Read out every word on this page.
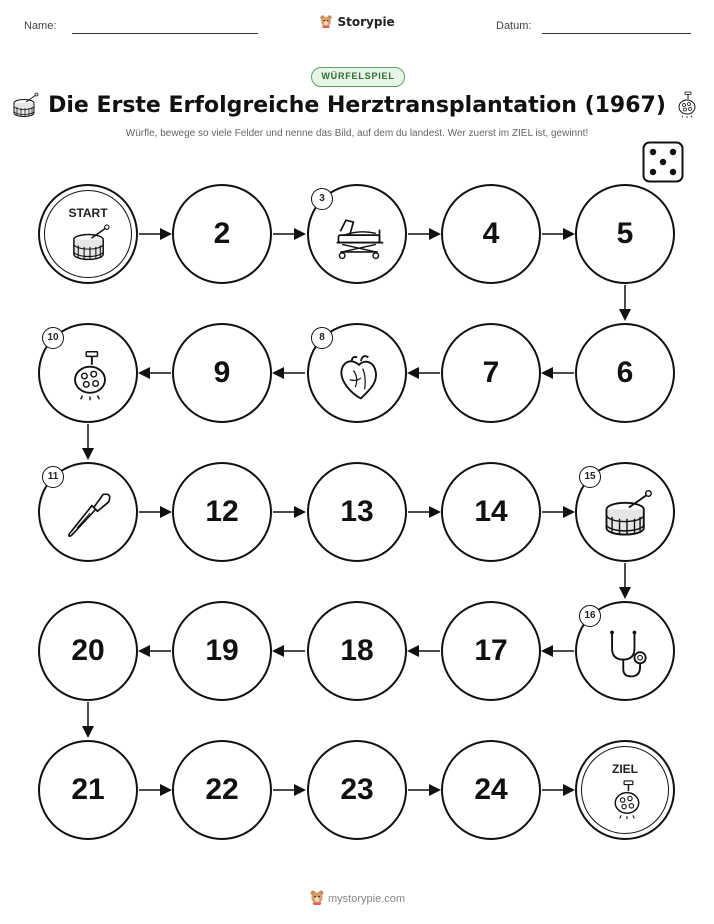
Name:	Storypie	Datum:
WÜRFELSPIEL
Die Erste Erfolgreiche Herztransplantation (1967)
Würfle, bewege so viele Felder und nenne das Bild, auf dem du landest. Wer zuerst im ZIEL ist, gewinnt!
START
2
3
4	5
10
9
8
7	6
11
12	13	14
15
20	19	18	17
16
21	22	23	24
ZIEL
mystorypie.com
